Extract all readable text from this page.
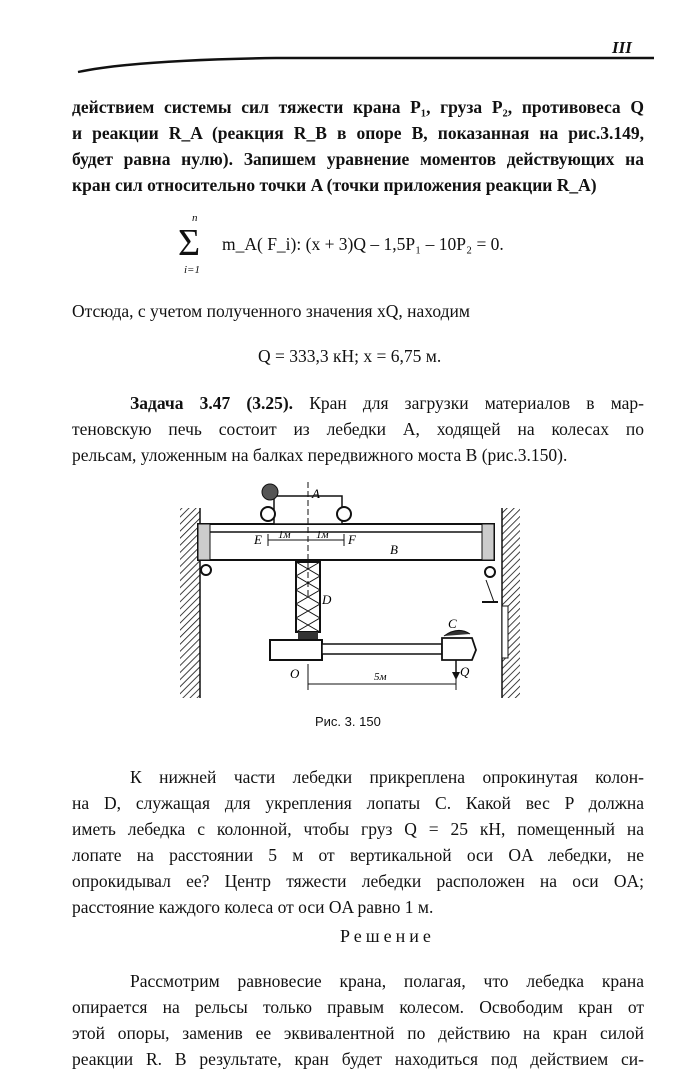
III
действием системы сил тяжести крана P₁, груза P₂, противовеса Q
и реакции R_A (реакция R_B в опоре B, показанная на рис.3.149,
будет равна нулю). Запишем уравнение моментов действующих на
кран сил относительно точки A (точки приложения реакции R_A)
n
Σ
i=1
m_A( F_i): (x + 3)Q – 1,5P₁ – 10P₂ = 0.
Отсюда, с учетом полученного значения xQ, находим
Q = 333,3 кН; x = 6,75 м.
Задача 3.47 (3.25). Кран для загрузки материалов в мар-
теновскую печь состоит из лебедки A, ходящей на колесах по
рельсам, уложенным на балках передвижного моста B (рис.3.150).
A
E	F
1м 1м
B
D
C
O	Q
5м
Рис. 3. 150
К нижней части лебедки прикреплена опрокинутая колон-
на D, служащая для укрепления лопаты C. Какой вес P должна
иметь лебедка с колонной, чтобы груз Q = 25 кН, помещенный на
лопате на расстоянии 5 м от вертикальной оси OA лебедки, не
опрокидывал ее? Центр тяжести лебедки расположен на оси OA;
расстояние каждого колеса от оси OA равно 1 м.
Решение
Рассмотрим равновесие крана, полагая, что лебедка крана
опирается на рельсы только правым колесом. Освободим кран от
этой опоры, заменив ее эквивалентной по действию на кран силой
реакции R. В результате, кран будет находиться под действием си-
